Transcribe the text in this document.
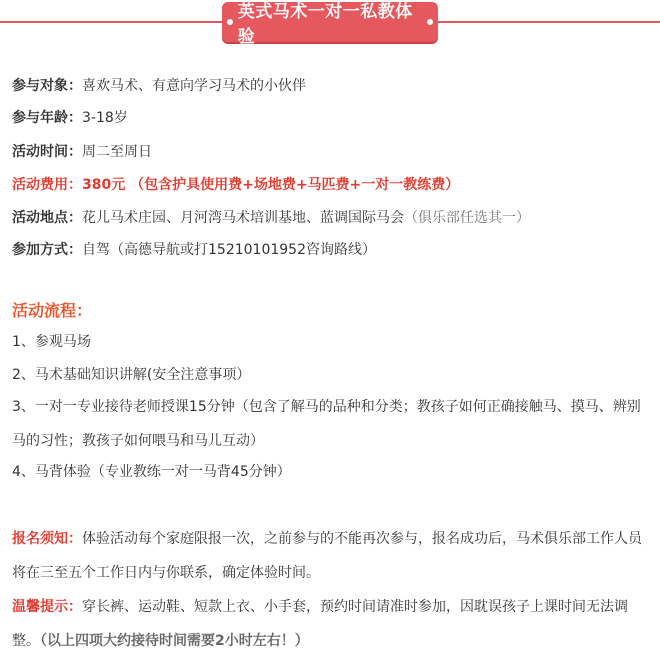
英式马术一对一私教体验
参与对象：喜欢马术、有意向学习马术的小伙伴
参与年龄：3-18岁
活动时间：周二至周日
活动费用：380元 （包含护具使用费+场地费+马匹费+一对一教练费）
活动地点：花儿马术庄园、月河湾马术培训基地、蓝调国际马会（俱乐部任选其一）
参加方式：自驾（高德导航或打15210101952咨询路线）
活动流程：
1、参观马场
2、马术基础知识讲解(安全注意事项）
3、一对一专业接待老师授课15分钟（包含了解马的品种和分类；教孩子如何正确接触马、摸马、辨别马的习性；教孩子如何喂马和马儿互动）
4、马背体验（专业教练一对一马背45分钟）
报名须知：体验活动每个家庭限报一次，之前参与的不能再次参与，报名成功后，马术俱乐部工作人员将在三至五个工作日内与你联系，确定体验时间。
温馨提示：穿长裤、运动鞋、短款上衣、小手套，预约时间请准时参加，因耽误孩子上课时间无法调整。（以上四项大约接待时间需要2小时左右！）
